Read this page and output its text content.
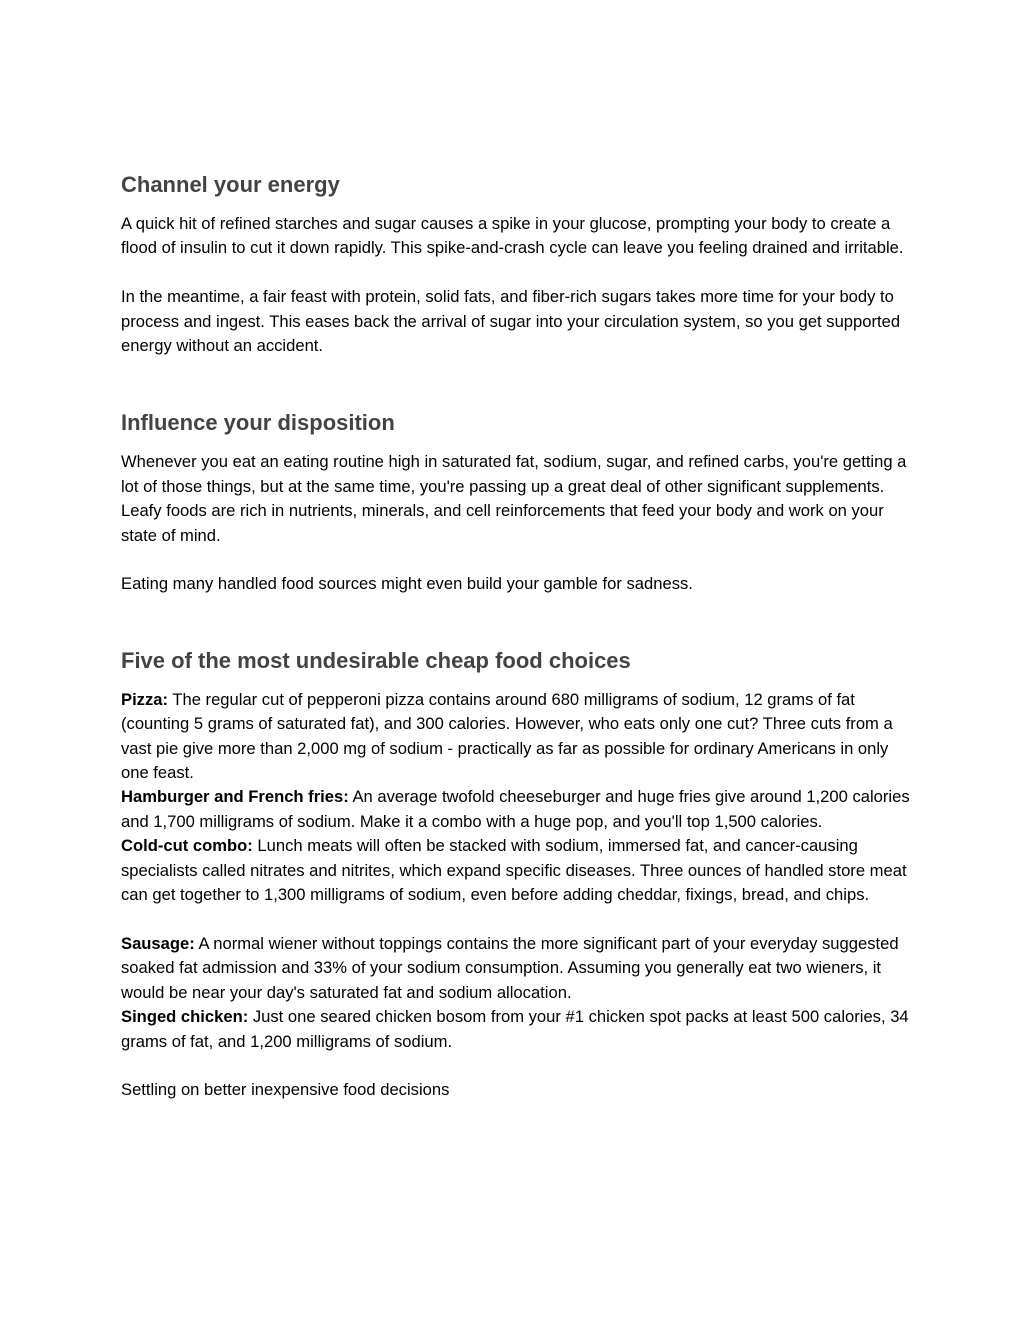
Channel your energy

A quick hit of refined starches and sugar causes a spike in your glucose, prompting your body to create a flood of insulin to cut it down rapidly. This spike-and-crash cycle can leave you feeling drained and irritable.

In the meantime, a fair feast with protein, solid fats, and fiber-rich sugars takes more time for your body to process and ingest. This eases back the arrival of sugar into your circulation system, so you get supported energy without an accident.

Influence your disposition

Whenever you eat an eating routine high in saturated fat, sodium, sugar, and refined carbs, you're getting a lot of those things, but at the same time, you're passing up a great deal of other significant supplements. Leafy foods are rich in nutrients, minerals, and cell reinforcements that feed your body and work on your state of mind.

Eating many handled food sources might even build your gamble for sadness.

Five of the most undesirable cheap food choices

Pizza: The regular cut of pepperoni pizza contains around 680 milligrams of sodium, 12 grams of fat (counting 5 grams of saturated fat), and 300 calories. However, who eats only one cut? Three cuts from a vast pie give more than 2,000 mg of sodium - practically as far as possible for ordinary Americans in only one feast.

Hamburger and French fries: An average twofold cheeseburger and huge fries give around 1,200 calories and 1,700 milligrams of sodium. Make it a combo with a huge pop, and you'll top 1,500 calories.

Cold-cut combo: Lunch meats will often be stacked with sodium, immersed fat, and cancer-causing specialists called nitrates and nitrites, which expand specific diseases. Three ounces of handled store meat can get together to 1,300 milligrams of sodium, even before adding cheddar, fixings, bread, and chips.

Sausage: A normal wiener without toppings contains the more significant part of your everyday suggested soaked fat admission and 33% of your sodium consumption. Assuming you generally eat two wieners, it would be near your day's saturated fat and sodium allocation.

Singed chicken: Just one seared chicken bosom from your #1 chicken spot packs at least 500 calories, 34 grams of fat, and 1,200 milligrams of sodium.

Settling on better inexpensive food decisions
